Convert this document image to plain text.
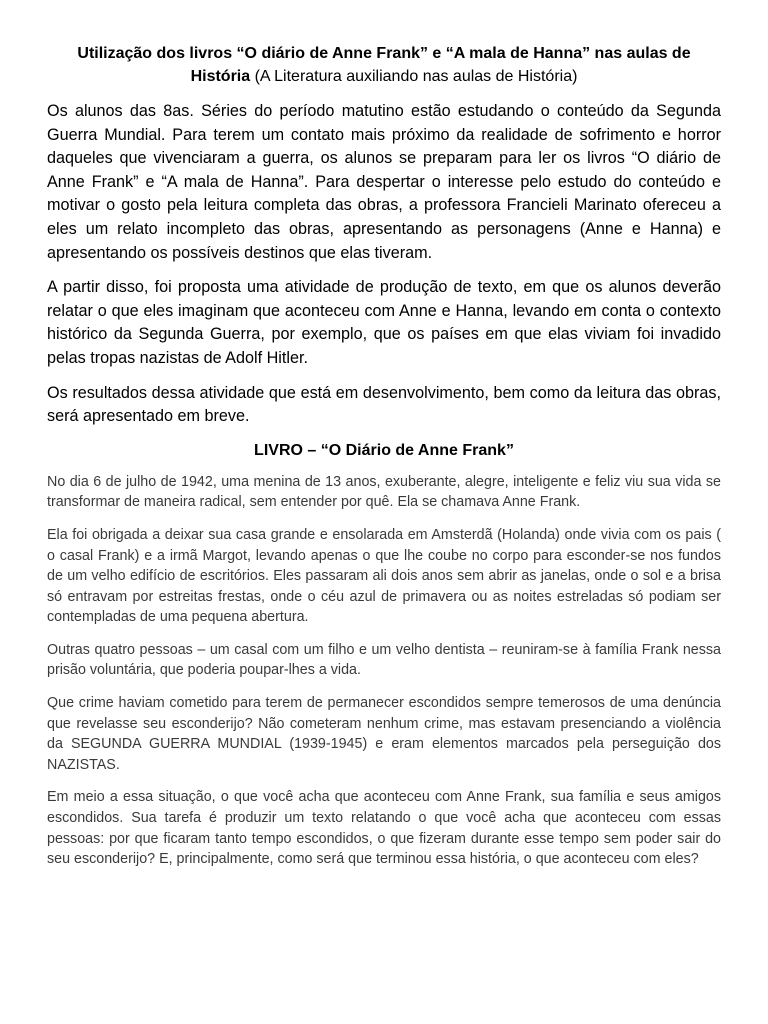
Utilização dos livros “O diário de Anne Frank” e “A mala de Hanna” nas aulas de História (A Literatura auxiliando nas aulas de História)

Os alunos das 8as. Séries do período matutino estão estudando o conteúdo da Segunda Guerra Mundial. Para terem um contato mais próximo da realidade de sofrimento e horror daqueles que vivenciaram a guerra, os alunos se preparam para ler os livros “O diário de Anne Frank” e “A mala de Hanna”. Para despertar o interesse pelo estudo do conteúdo e motivar o gosto pela leitura completa das obras, a professora Francieli Marinato ofereceu a eles um relato incompleto das obras, apresentando as personagens (Anne e Hanna) e apresentando os possíveis destinos que elas tiveram.

A partir disso, foi proposta uma atividade de produção de texto, em que os alunos deverão relatar o que eles imaginam que aconteceu com Anne e Hanna, levando em conta o contexto histórico da Segunda Guerra, por exemplo, que os países em que elas viviam foi invadido pelas tropas nazistas de Adolf Hitler.

Os resultados dessa atividade que está em desenvolvimento, bem como da leitura das obras, será apresentado em breve.

LIVRO – “O Diário de Anne Frank”

No dia 6 de julho de 1942, uma menina de 13 anos, exuberante, alegre, inteligente e feliz viu sua vida se transformar de maneira radical, sem entender por quê. Ela se chamava Anne Frank.

Ela foi obrigada a deixar sua casa grande e ensolarada em Amsterdã (Holanda) onde vivia com os pais ( o casal Frank) e a irmã Margot, levando apenas o que lhe coube no corpo para esconder-se nos fundos de um velho edifício de escritórios. Eles passaram ali dois anos sem abrir as janelas, onde o sol e a brisa só entravam por estreitas frestas, onde o céu azul de primavera ou as noites estreladas só podiam ser contempladas de uma pequena abertura.

Outras quatro pessoas – um casal com um filho e um velho dentista – reuniram-se à família Frank nessa prisão voluntária, que poderia poupar-lhes a vida.

Que crime haviam cometido para terem de permanecer escondidos sempre temerosos de uma denúncia que revelasse seu esconderijo? Não cometeram nenhum crime, mas estavam presenciando a violência da SEGUNDA GUERRA MUNDIAL (1939-1945) e eram elementos marcados pela perseguição dos NAZISTAS.

Em meio a essa situação, o que você acha que aconteceu com Anne Frank, sua família e seus amigos escondidos. Sua tarefa é produzir um texto relatando o que você acha que aconteceu com essas pessoas: por que ficaram tanto tempo escondidos, o que fizeram durante esse tempo sem poder sair do seu esconderijo? E, principalmente, como será que terminou essa história, o que aconteceu com eles?
